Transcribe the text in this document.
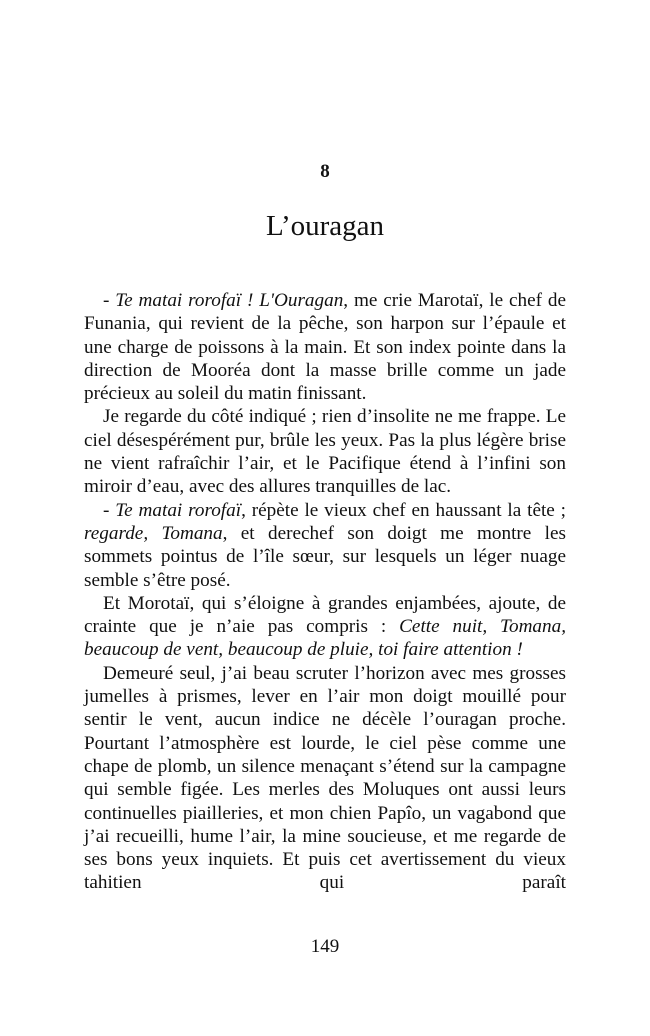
8
L’ouragan

- Te matai rorofaï ! L'Ouragan, me crie Marotaï, le chef de Funania, qui revient de la pêche, son harpon sur l’épaule et une charge de poissons à la main. Et son index pointe dans la direction de Mooréa dont la masse brille comme un jade précieux au soleil du matin finissant.

Je regarde du côté indiqué ; rien d’insolite ne me frappe. Le ciel désespérément pur, brûle les yeux. Pas la plus légère brise ne vient rafraîchir l’air, et le Pacifique étend à l’infini son miroir d’eau, avec des allures tranquilles de lac.

- Te matai rorofaï, répète le vieux chef en haussant la tête ; regarde, Tomana, et derechef son doigt me montre les sommets pointus de l’île sœur, sur lesquels un léger nuage semble s’être posé.

Et Morotaï, qui s’éloigne à grandes enjambées, ajoute, de crainte que je n’aie pas compris : Cette nuit, Tomana, beaucoup de vent, beaucoup de pluie, toi faire attention !

Demeuré seul, j’ai beau scruter l’horizon avec mes grosses jumelles à prismes, lever en l’air mon doigt mouillé pour sentir le vent, aucun indice ne décèle l’ouragan proche. Pourtant l’atmosphère est lourde, le ciel pèse comme une chape de plomb, un silence menaçant s’étend sur la campagne qui semble figée. Les merles des Moluques ont aussi leurs continuelles piailleries, et mon chien Papîo, un vagabond que j’ai recueilli, hume l’air, la mine soucieuse, et me regarde de ses bons yeux inquiets. Et puis cet avertissement du vieux tahitien qui paraît

149
